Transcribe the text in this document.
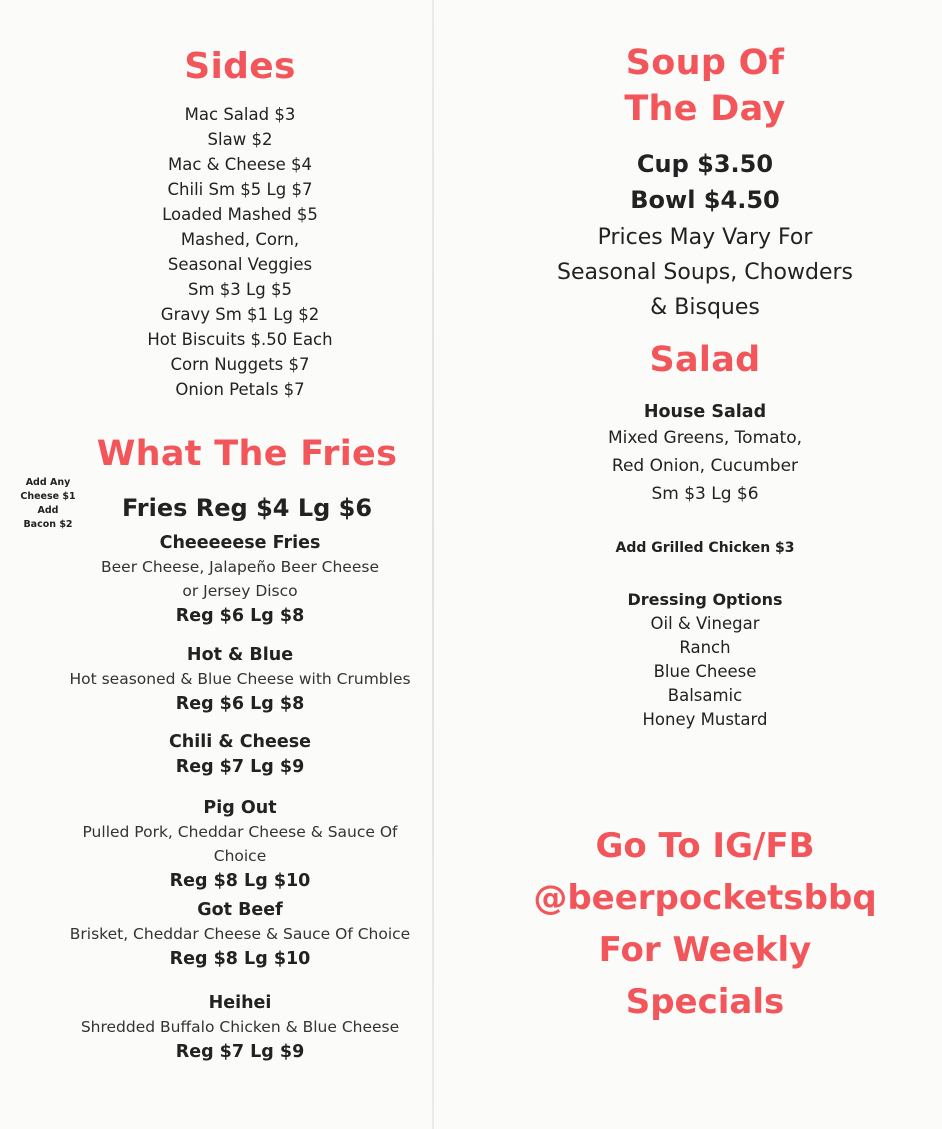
Sides
Mac Salad $3
Slaw $2
Mac & Cheese $4
Chili Sm $5 Lg $7
Loaded Mashed $5
Mashed, Corn,
Seasonal Veggies
Sm $3 Lg $5
Gravy Sm $1 Lg $2
Hot Biscuits $.50 Each
Corn Nuggets $7
Onion Petals $7
What The Fries
Fries Reg $4 Lg $6
Cheeeeese Fries
Beer Cheese, Jalapeño Beer Cheese
or Jersey Disco
Reg $6 Lg $8
Hot & Blue
Hot seasoned & Blue Cheese with Crumbles
Reg $6 Lg $8
Chili & Cheese
Reg $7 Lg $9
Pig Out
Pulled Pork, Cheddar Cheese & Sauce Of
Choice
Reg $8 Lg $10
Got Beef
Brisket, Cheddar Cheese & Sauce Of Choice
Reg $8 Lg $10
Heihei
Shredded Buffalo Chicken & Blue Cheese
Reg $7 Lg $9
Add Any
Cheese $1
Add
Bacon $2
Soup Of
The Day
Cup $3.50
Bowl $4.50
Prices May Vary For
Seasonal Soups, Chowders
& Bisques
Salad
House Salad
Mixed Greens, Tomato,
Red Onion, Cucumber
Sm $3 Lg $6
Add Grilled Chicken $3
Dressing Options
Oil & Vinegar
Ranch
Blue Cheese
Balsamic
Honey Mustard
Go To IG/FB
@beerpocketsbbq
For Weekly
Specials
